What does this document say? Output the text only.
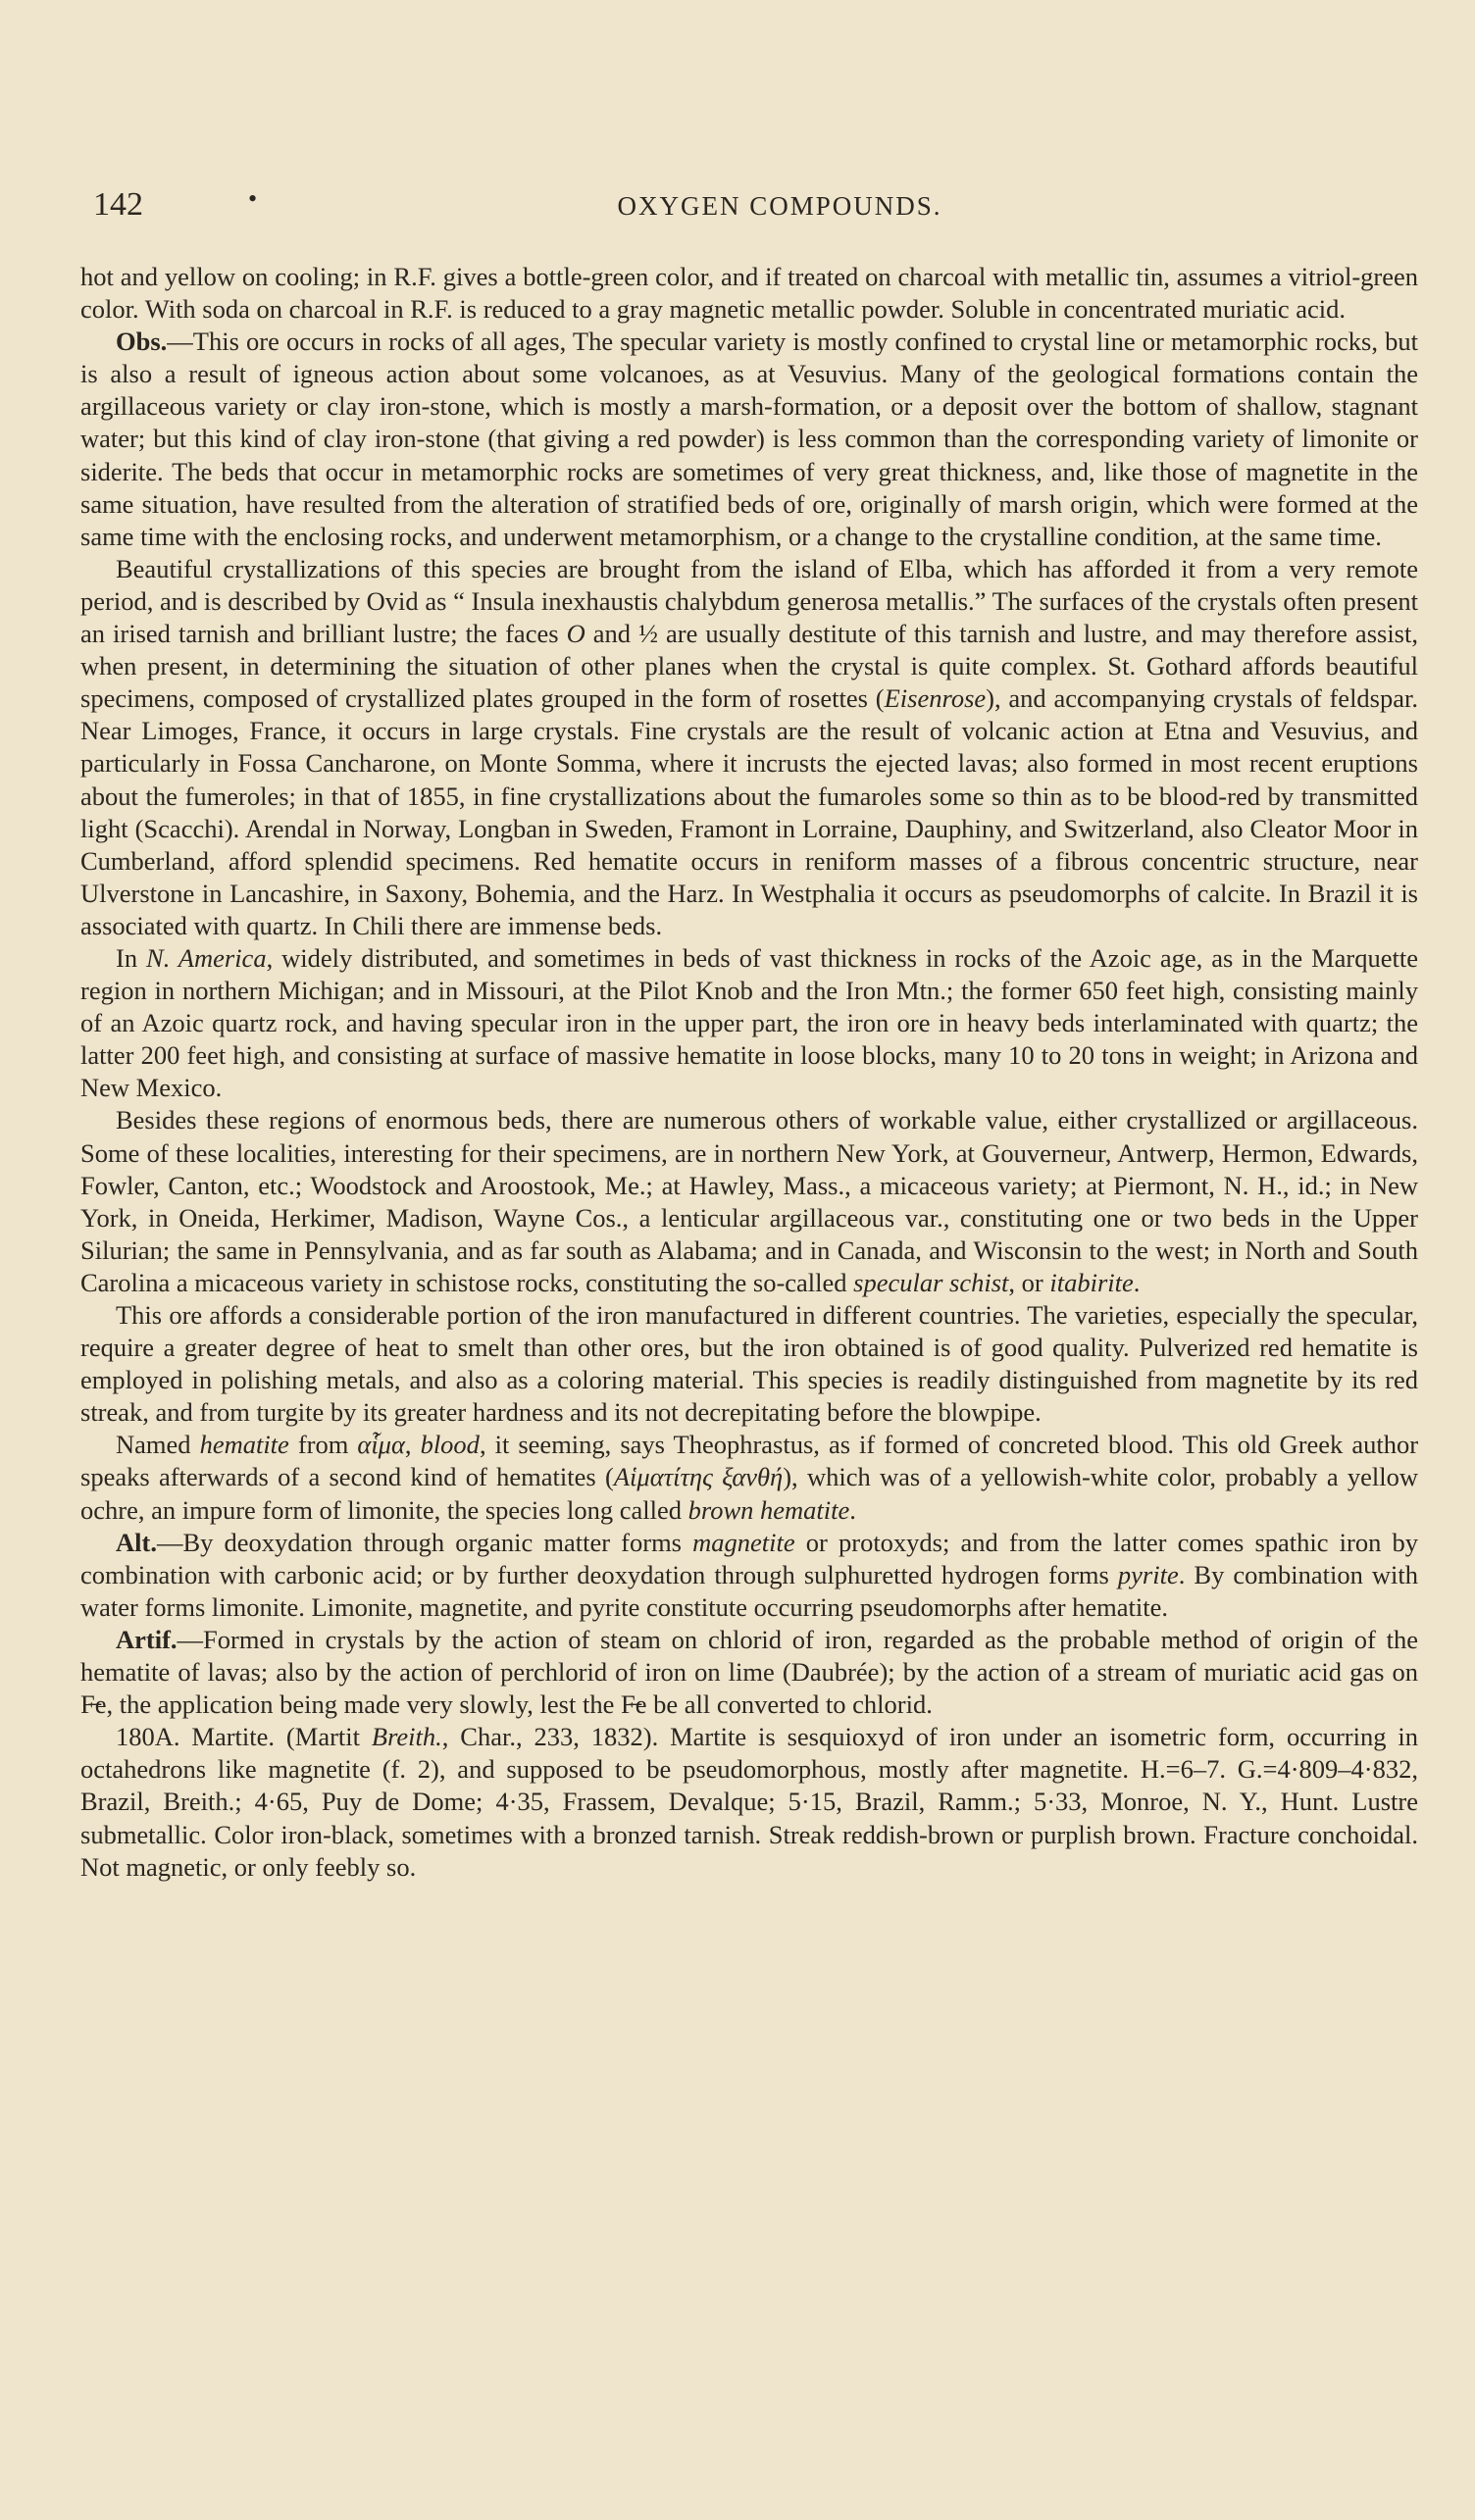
142	•	OXYGEN COMPOUNDS.

hot and yellow on cooling; in R.F. gives a bottle-green color, and if treated on charcoal with metallic tin, assumes a vitriol-green color. With soda on charcoal in R.F. is reduced to a gray magnetic metallic powder. Soluble in concentrated muriatic acid.

Obs.—This ore occurs in rocks of all ages, The specular variety is mostly confined to crystal line or metamorphic rocks, but is also a result of igneous action about some volcanoes, as at Vesuvius. Many of the geological formations contain the argillaceous variety or clay iron-stone, which is mostly a marsh-formation, or a deposit over the bottom of shallow, stagnant water; but this kind of clay iron-stone (that giving a red powder) is less common than the corresponding variety of limonite or siderite. The beds that occur in metamorphic rocks are sometimes of very great thickness, and, like those of magnetite in the same situation, have resulted from the alteration of stratified beds of ore, originally of marsh origin, which were formed at the same time with the enclosing rocks, and underwent metamorphism, or a change to the crystalline condition, at the same time.

Beautiful crystallizations of this species are brought from the island of Elba, which has afforded it from a very remote period, and is described by Ovid as “ Insula inexhaustis chalybdum generosa metallis.” The surfaces of the crystals often present an irised tarnish and brilliant lustre; the faces O and ½ are usually destitute of this tarnish and lustre, and may therefore assist, when present, in determining the situation of other planes when the crystal is quite complex. St. Gothard affords beautiful specimens, composed of crystallized plates grouped in the form of rosettes (Eisenrose), and accompanying crystals of feldspar. Near Limoges, France, it occurs in large crystals. Fine crystals are the result of volcanic action at Etna and Vesuvius, and particularly in Fossa Cancharone, on Monte Somma, where it incrusts the ejected lavas; also formed in most recent eruptions about the fumeroles; in that of 1855, in fine crystallizations about the fumaroles some so thin as to be blood-red by transmitted light (Scacchi). Arendal in Norway, Longban in Sweden, Framont in Lorraine, Dauphiny, and Switzerland, also Cleator Moor in Cumberland, afford splendid specimens. Red hematite occurs in reniform masses of a fibrous concentric structure, near Ulverstone in Lancashire, in Saxony, Bohemia, and the Harz. In Westphalia it occurs as pseudomorphs of calcite. In Brazil it is associated with quartz. In Chili there are immense beds.

In N. America, widely distributed, and sometimes in beds of vast thickness in rocks of the Azoic age, as in the Marquette region in northern Michigan; and in Missouri, at the Pilot Knob and the Iron Mtn.; the former 650 feet high, consisting mainly of an Azoic quartz rock, and having specular iron in the upper part, the iron ore in heavy beds interlaminated with quartz; the latter 200 feet high, and consisting at surface of massive hematite in loose blocks, many 10 to 20 tons in weight; in Arizona and New Mexico.

Besides these regions of enormous beds, there are numerous others of workable value, either crystallized or argillaceous. Some of these localities, interesting for their specimens, are in northern New York, at Gouverneur, Antwerp, Hermon, Edwards, Fowler, Canton, etc.; Woodstock and Aroostook, Me.; at Hawley, Mass., a micaceous variety; at Piermont, N. H., id.; in New York, in Oneida, Herkimer, Madison, Wayne Cos., a lenticular argillaceous var., constituting one or two beds in the Upper Silurian; the same in Pennsylvania, and as far south as Alabama; and in Canada, and Wisconsin to the west; in North and South Carolina a micaceous variety in schistose rocks, constituting the so-called specular schist, or itabirite.

This ore affords a considerable portion of the iron manufactured in different countries. The varieties, especially the specular, require a greater degree of heat to smelt than other ores, but the iron obtained is of good quality. Pulverized red hematite is employed in polishing metals, and also as a coloring material. This species is readily distinguished from magnetite by its red streak, and from turgite by its greater hardness and its not decrepitating before the blowpipe.

Named hematite from αἷμα, blood, it seeming, says Theophrastus, as if formed of concreted blood. This old Greek author speaks afterwards of a second kind of hematites (Αἱματίτης ξανθή), which was of a yellowish-white color, probably a yellow ochre, an impure form of limonite, the species long called brown hematite.

Alt.—By deoxydation through organic matter forms magnetite or protoxyds; and from the latter comes spathic iron by combination with carbonic acid; or by further deoxydation through sulphuretted hydrogen forms pyrite. By combination with water forms limonite. Limonite, magnetite, and pyrite constitute occurring pseudomorphs after hematite.

Artif.—Formed in crystals by the action of steam on chlorid of iron, regarded as the probable method of origin of the hematite of lavas; also by the action of perchlorid of iron on lime (Daubrée); by the action of a stream of muriatic acid gas on F̶e, the application being made very slowly, lest the F̶e be all converted to chlorid.

180A. Martite. (Martit Breith., Char., 233, 1832). Martite is sesquioxyd of iron under an isometric form, occurring in octahedrons like magnetite (f. 2), and supposed to be pseudomorphous, mostly after magnetite. H.=6–7. G.=4·809–4·832, Brazil, Breith.; 4·65, Puy de Dome; 4·35, Frassem, Devalque; 5·15, Brazil, Ramm.; 5·33, Monroe, N. Y., Hunt. Lustre submetallic. Color iron-black, sometimes with a bronzed tarnish. Streak reddish-brown or purplish brown. Fracture conchoidal. Not magnetic, or only feebly so.
